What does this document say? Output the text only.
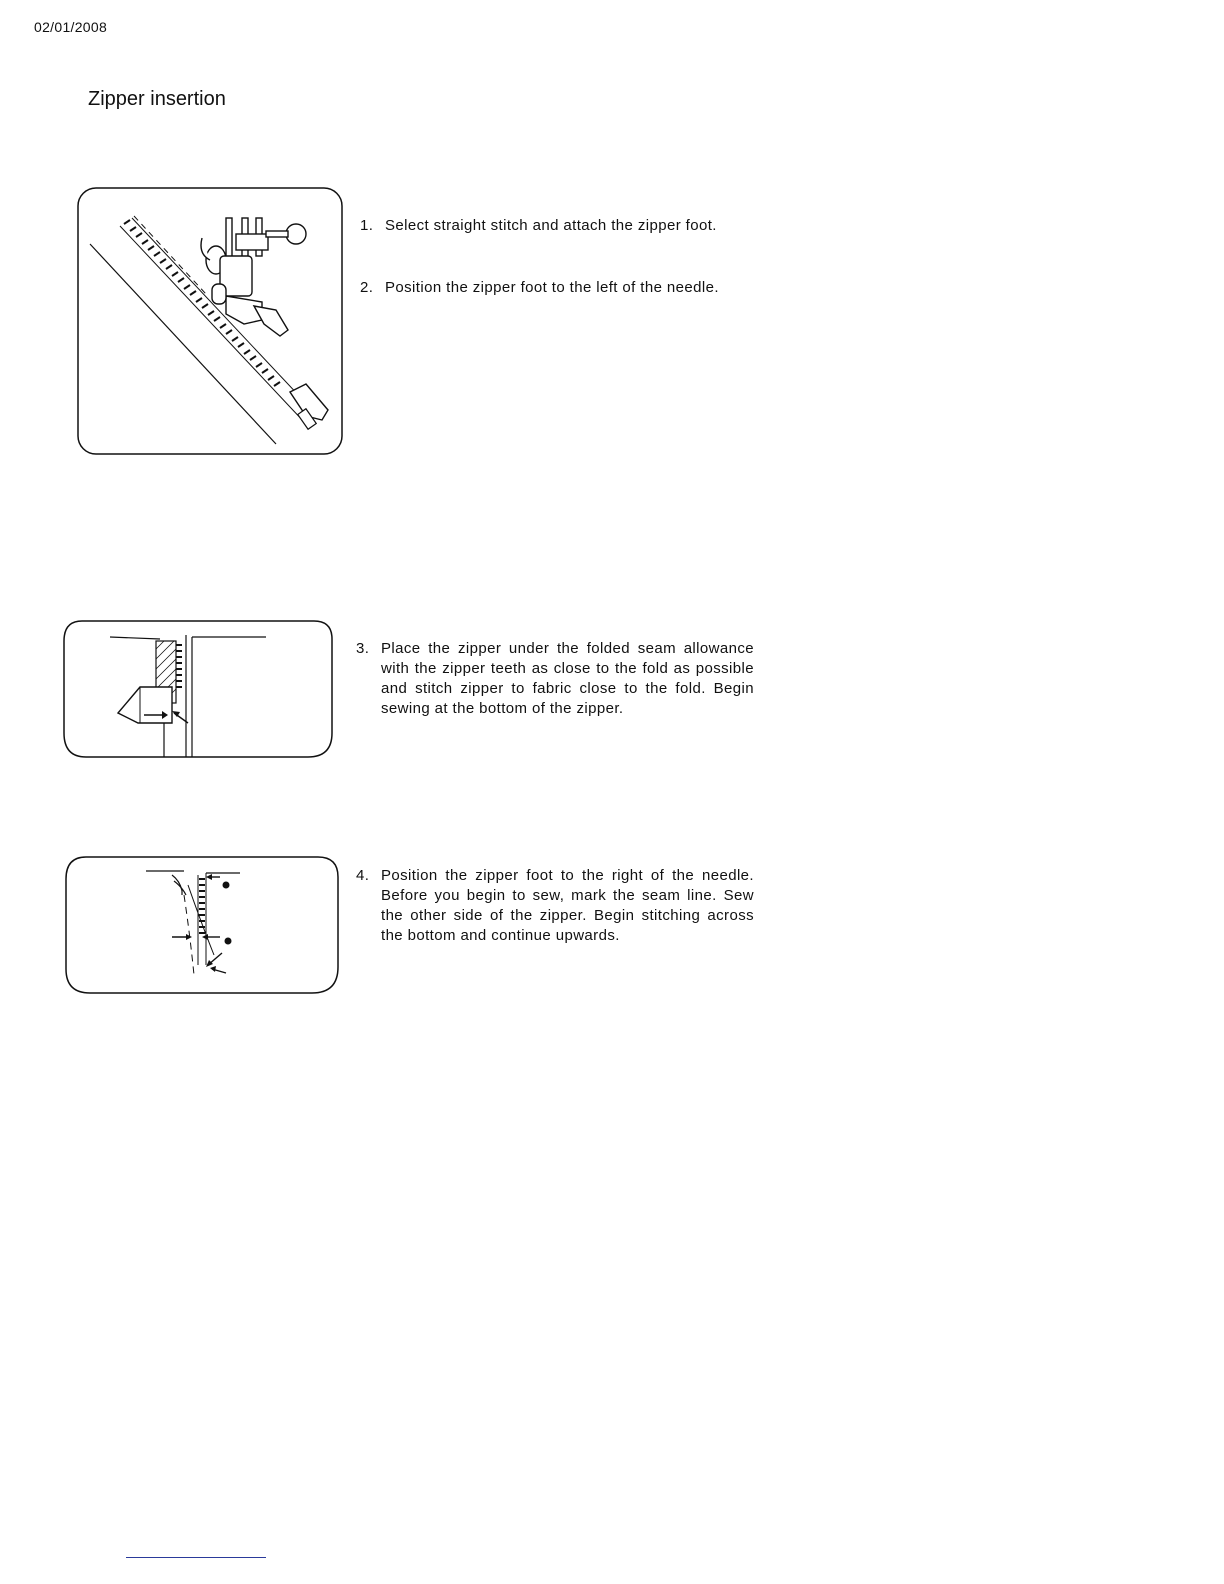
02/01/2008
Zipper insertion
1. Select straight stitch and attach the zipper foot.
2. Position the zipper foot to the left of the needle.
3. Place the zipper under the folded seam allowance with the zipper teeth as close to the fold as possible and stitch zipper to fabric close to the fold. Begin sewing at the bottom of the zipper.
4. Position the zipper foot to the right of the needle. Before you begin to sew, mark the seam line. Sew the other side of the zipper. Begin stitching across the bottom and continue upwards.
